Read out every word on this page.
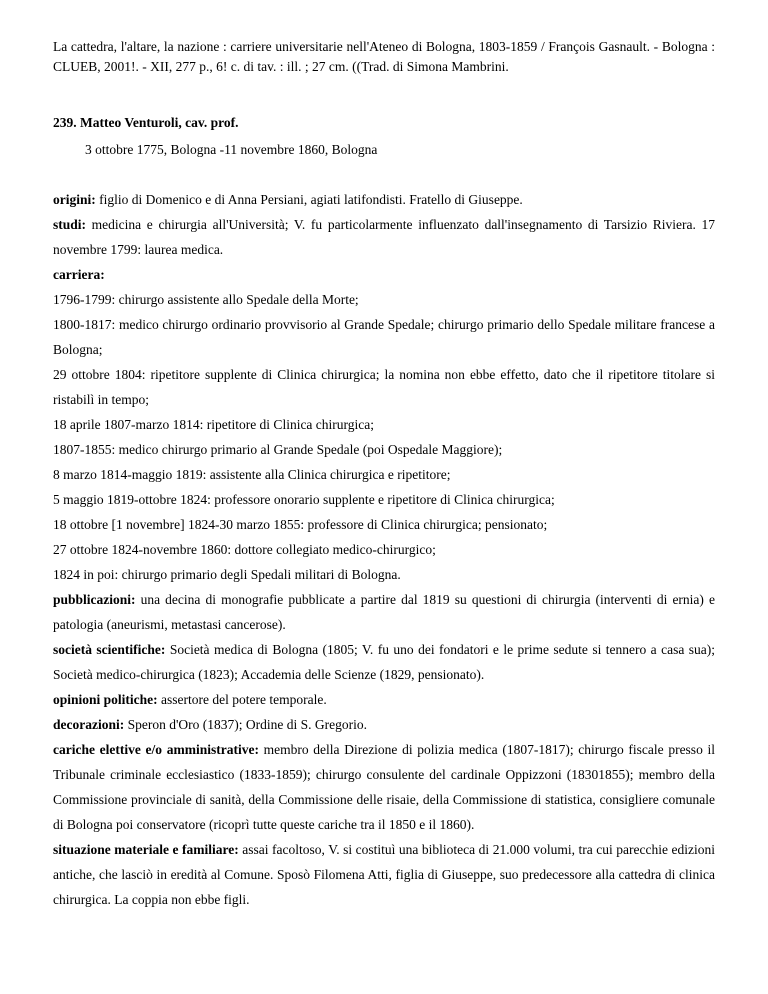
La cattedra, l'altare, la nazione : carriere universitarie nell'Ateneo di Bologna, 1803-1859 / François Gasnault. - Bologna : CLUEB, 2001!. - XII, 277 p., 6! c. di tav. : ill. ; 27 cm. ((Trad. di Simona Mambrini.

239. Matteo Venturoli, cav. prof.
3 ottobre 1775, Bologna -11 novembre 1860, Bologna

origini: figlio di Domenico e di Anna Persiani, agiati latifondisti. Fratello di Giuseppe.

studi: medicina e chirurgia all'Università; V. fu particolarmente influenzato dall'insegnamento di Tarsizio Riviera. 17 novembre 1799: laurea medica.

carriera:

1796-1799: chirurgo assistente allo Spedale della Morte;

1800-1817: medico chirurgo ordinario provvisorio al Grande Spedale; chirurgo primario dello Spedale militare francese a Bologna;

29 ottobre 1804: ripetitore supplente di Clinica chirurgica; la nomina non ebbe effetto, dato che il ripetitore titolare si ristabilì in tempo;

18 aprile 1807-marzo 1814: ripetitore di Clinica chirurgica;

1807-1855: medico chirurgo primario al Grande Spedale (poi Ospedale Maggiore);

8 marzo 1814-maggio 1819: assistente alla Clinica chirurgica e ripetitore;

5 maggio 1819-ottobre 1824: professore onorario supplente e ripetitore di Clinica chirurgica;

18 ottobre [1 novembre] 1824-30 marzo 1855: professore di Clinica chirurgica; pensionato;

27 ottobre 1824-novembre 1860: dottore collegiato medico-chirurgico;

1824 in poi: chirurgo primario degli Spedali militari di Bologna.

pubblicazioni: una decina di monografie pubblicate a partire dal 1819 su questioni di chirurgia (interventi di ernia) e patologia (aneurismi, metastasi cancerose).

società scientifiche: Società medica di Bologna (1805; V. fu uno dei fondatori e le prime sedute si tennero a casa sua); Società medico-chirurgica (1823); Accademia delle Scienze (1829, pensionato).

opinioni politiche: assertore del potere temporale.

decorazioni: Speron d'Oro (1837); Ordine di S. Gregorio.

cariche elettive e/o amministrative: membro della Direzione di polizia medica (1807-1817); chirurgo fiscale presso il Tribunale criminale ecclesiastico (1833-1859); chirurgo consulente del cardinale Oppizzoni (18301855); membro della Commissione provinciale di sanità, della Commissione delle risaie, della Commissione di statistica, consigliere comunale di Bologna poi conservatore (ricoprì tutte queste cariche tra il 1850 e il 1860).

situazione materiale e familiare: assai facoltoso, V. si costituì una biblioteca di 21.000 volumi, tra cui parecchie edizioni antiche, che lasciò in eredità al Comune. Sposò Filomena Atti, figlia di Giuseppe, suo predecessore alla cattedra di clinica chirurgica. La coppia non ebbe figli.
